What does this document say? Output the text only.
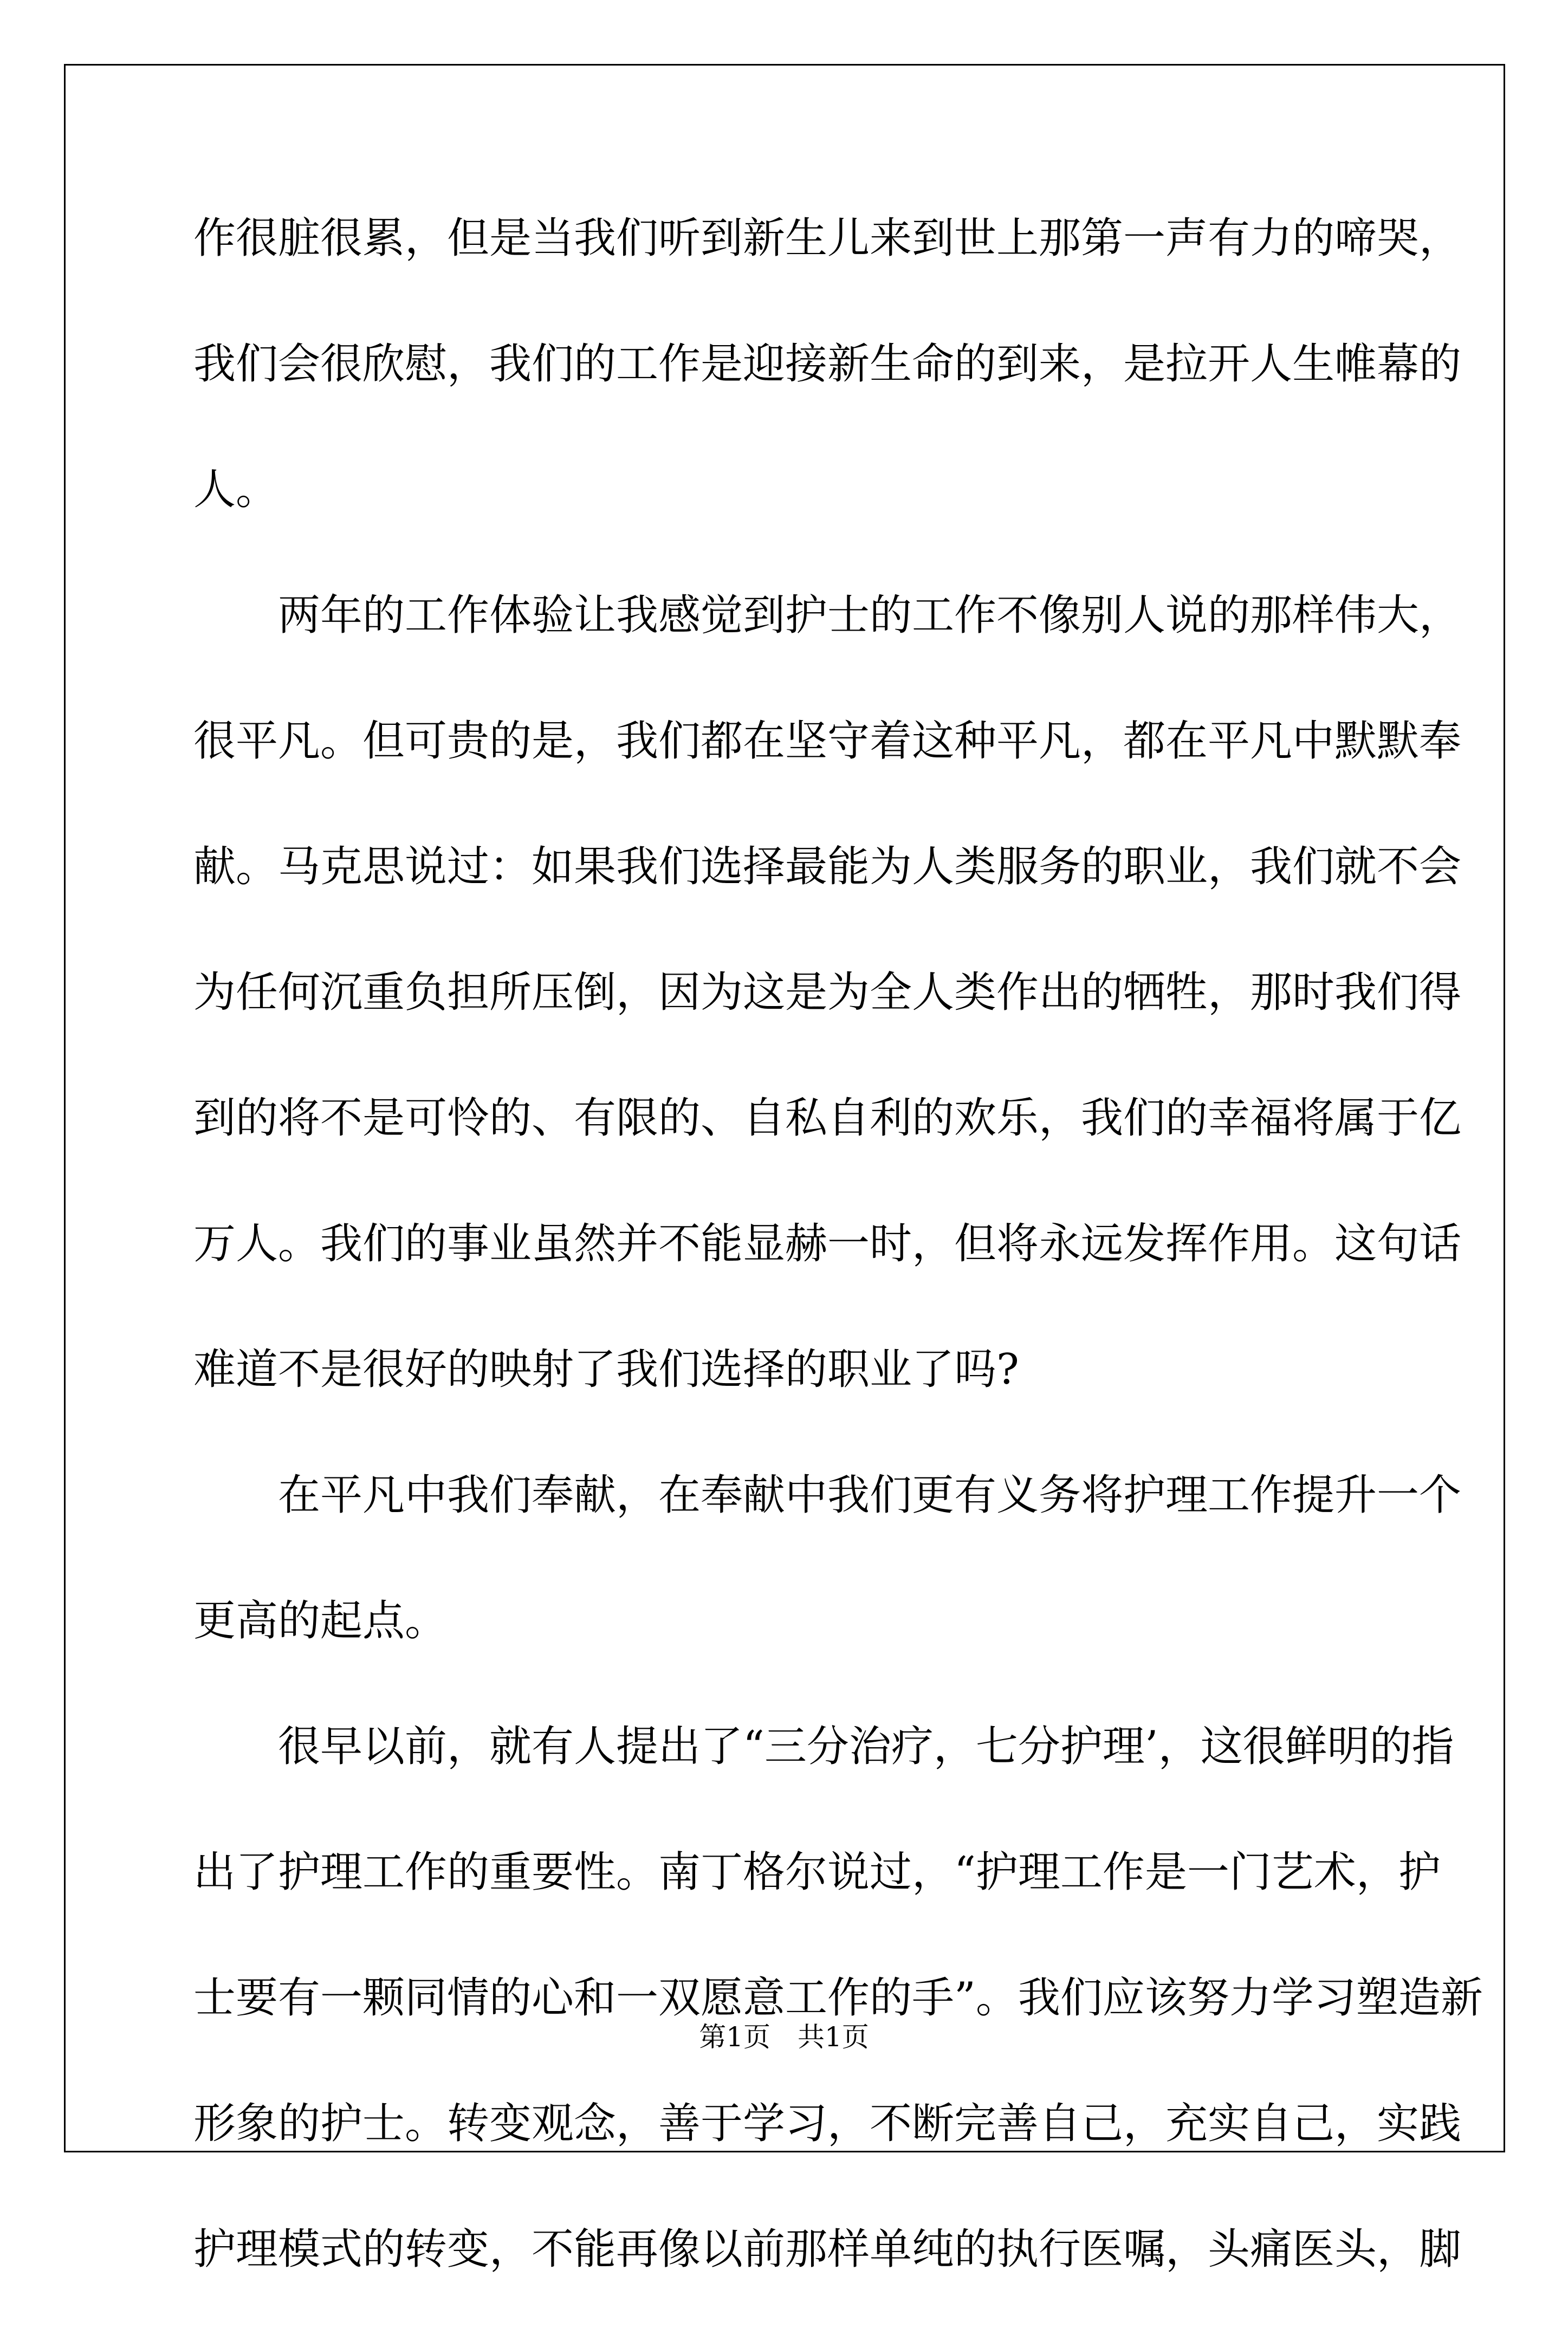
作很脏很累，但是当我们听到新生儿来到世上那第一声有力的啼哭，
我们会很欣慰，我们的工作是迎接新生命的到来，是拉开人生帷幕的
人。
两年的工作体验让我感觉到护士的工作不像别人说的那样伟大，
很平凡。但可贵的是，我们都在坚守着这种平凡，都在平凡中默默奉
献。马克思说过：如果我们选择最能为人类服务的职业，我们就不会
为任何沉重负担所压倒，因为这是为全人类作出的牺牲，那时我们得
到的将不是可怜的、有限的、自私自利的欢乐，我们的幸福将属于亿
万人。我们的事业虽然并不能显赫一时，但将永远发挥作用。这句话
难道不是很好的映射了我们选择的职业了吗?
在平凡中我们奉献，在奉献中我们更有义务将护理工作提升一个
更高的起点。
很早以前，就有人提出了“三分治疗，七分护理’，这很鲜明的指
出了护理工作的重要性。南丁格尔说过，“护理工作是一门艺术，护
士要有一颗同情的心和一双愿意工作的手”。我们应该努力学习塑造新
形象的护士。转变观念，善于学习，不断完善自己，充实自己，实践
护理模式的转变，不能再像以前那样单纯的执行医嘱，头痛医头，脚
第1页　共1页
